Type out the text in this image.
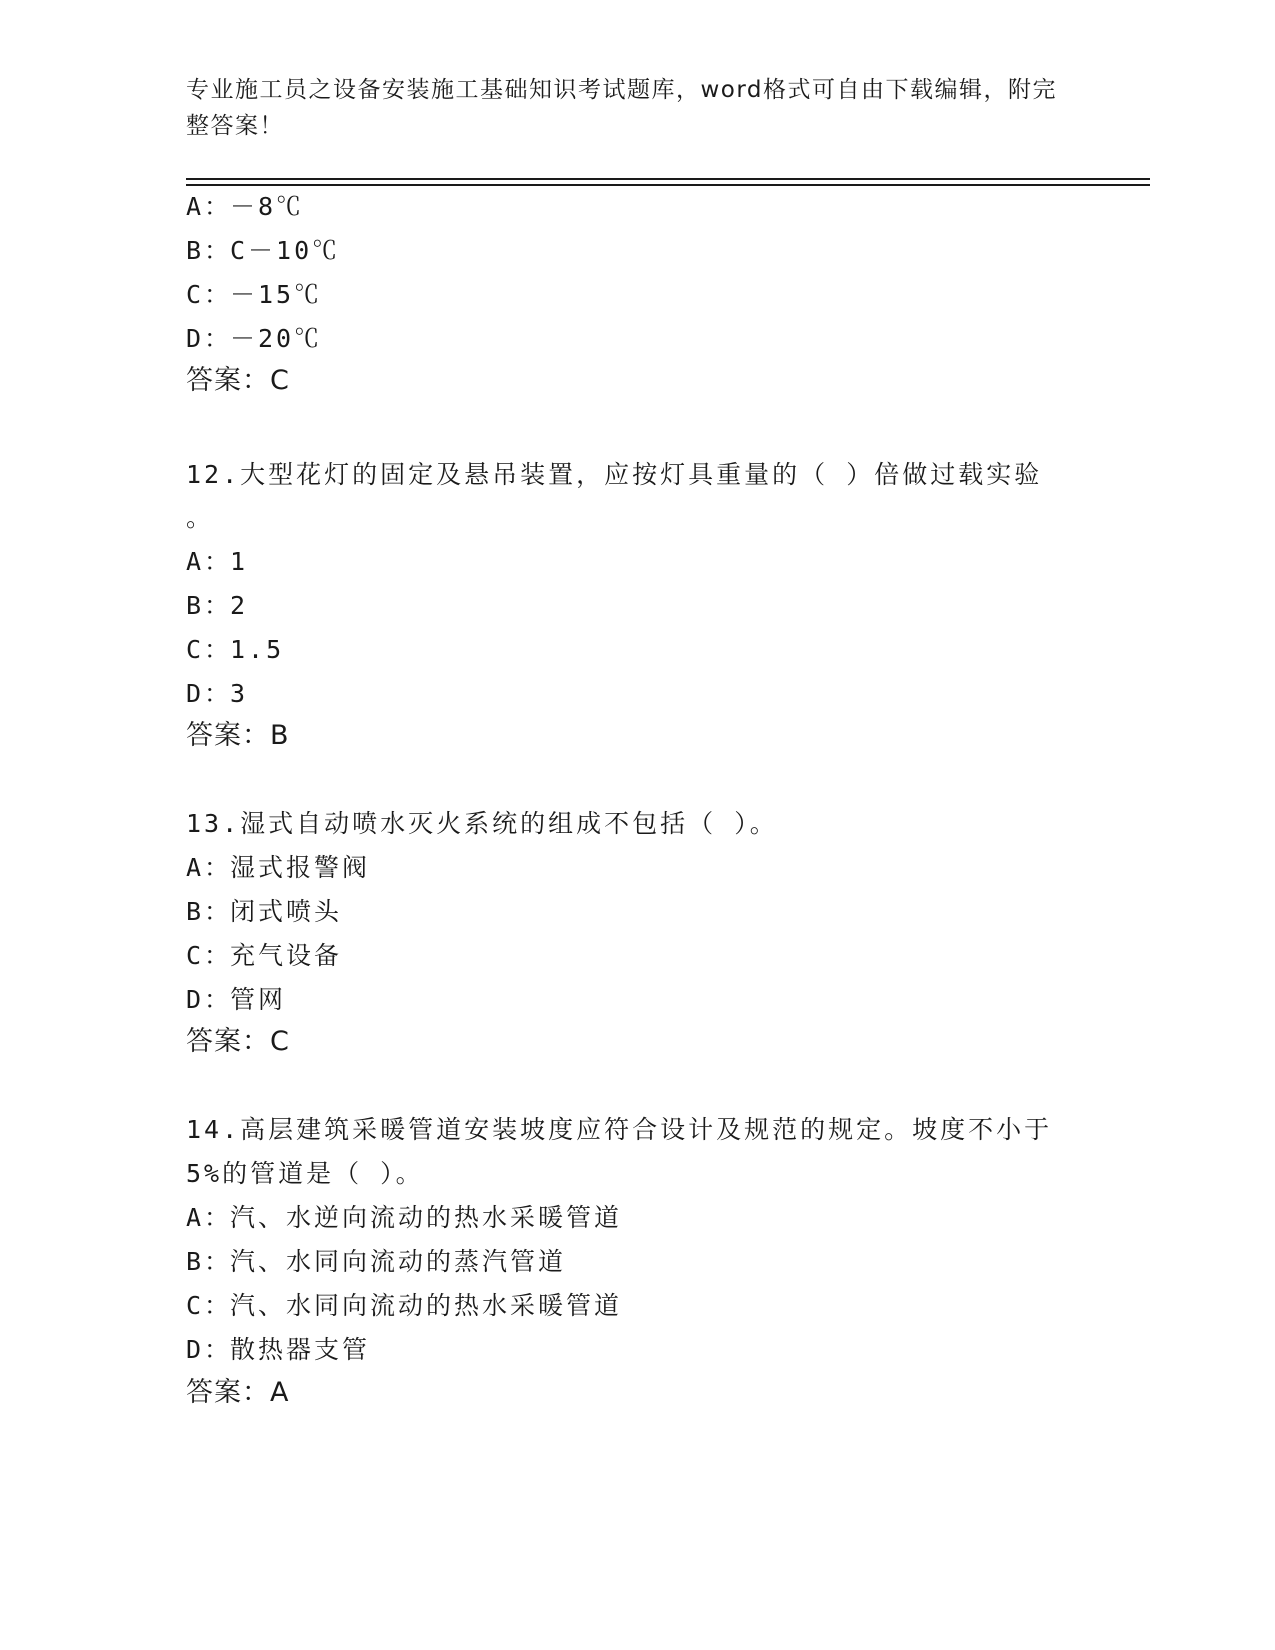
专业施工员之设备安装施工基础知识考试题库，word格式可自由下载编辑，附完整答案！
A：－8℃
B：C－10℃
C：－15℃
D：－20℃
答案：C
12.大型花灯的固定及悬吊装置，应按灯具重量的（ ）倍做过载实验
。
A：1
B：2
C：1.5
D：3
答案：B
13.湿式自动喷水灭火系统的组成不包括（ ）。
A：湿式报警阀
B：闭式喷头
C：充气设备
D：管网
答案：C
14.高层建筑采暖管道安装坡度应符合设计及规范的规定。坡度不小于
5%的管道是（ ）。
A：汽、水逆向流动的热水采暖管道
B：汽、水同向流动的蒸汽管道
C：汽、水同向流动的热水采暖管道
D：散热器支管
答案：A
